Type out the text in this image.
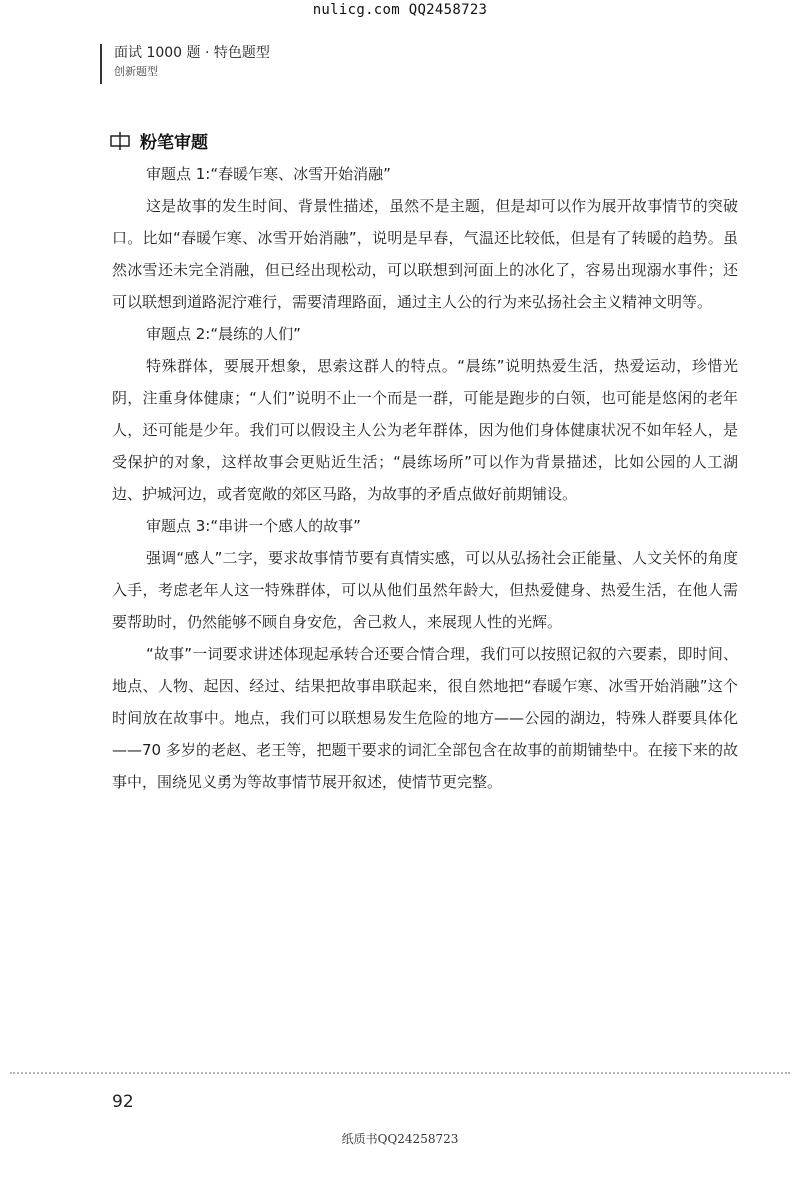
nulicg.com QQ2458723
面试 1000 题 · 特色题型
创新题型
粉笔审题

审题点 1:“春暖乍寒、冰雪开始消融”

这是故事的发生时间、背景性描述，虽然不是主题，但是却可以作为展开故事情节的突破口。比如“春暖乍寒、冰雪开始消融”，说明是早春，气温还比较低，但是有了转暖的趋势。虽然冰雪还未完全消融，但已经出现松动，可以联想到河面上的冰化了，容易出现溺水事件；还可以联想到道路泥泞难行，需要清理路面，通过主人公的行为来弘扬社会主义精神文明等。

审题点 2:“晨练的人们”

特殊群体，要展开想象，思索这群人的特点。“晨练”说明热爱生活，热爱运动，珍惜光阴，注重身体健康；“人们”说明不止一个而是一群，可能是跑步的白领，也可能是悠闲的老年人，还可能是少年。我们可以假设主人公为老年群体，因为他们身体健康状况不如年轻人，是受保护的对象，这样故事会更贴近生活；“晨练场所”可以作为背景描述，比如公园的人工湖边、护城河边，或者宽敞的郊区马路，为故事的矛盾点做好前期铺设。

审题点 3:“串讲一个感人的故事”

强调“感人”二字，要求故事情节要有真情实感，可以从弘扬社会正能量、人文关怀的角度入手，考虑老年人这一特殊群体，可以从他们虽然年龄大，但热爱健身、热爱生活，在他人需要帮助时，仍然能够不顾自身安危，舍己救人，来展现人性的光辉。

“故事”一词要求讲述体现起承转合还要合情合理，我们可以按照记叙的六要素，即时间、地点、人物、起因、经过、结果把故事串联起来，很自然地把“春暖乍寒、冰雪开始消融”这个时间放在故事中。地点，我们可以联想易发生危险的地方——公园的湖边，特殊人群要具体化——70 多岁的老赵、老王等，把题干要求的词汇全部包含在故事的前期铺垫中。在接下来的故事中，围绕见义勇为等故事情节展开叙述，使情节更完整。

92
纸质书QQ24258723
